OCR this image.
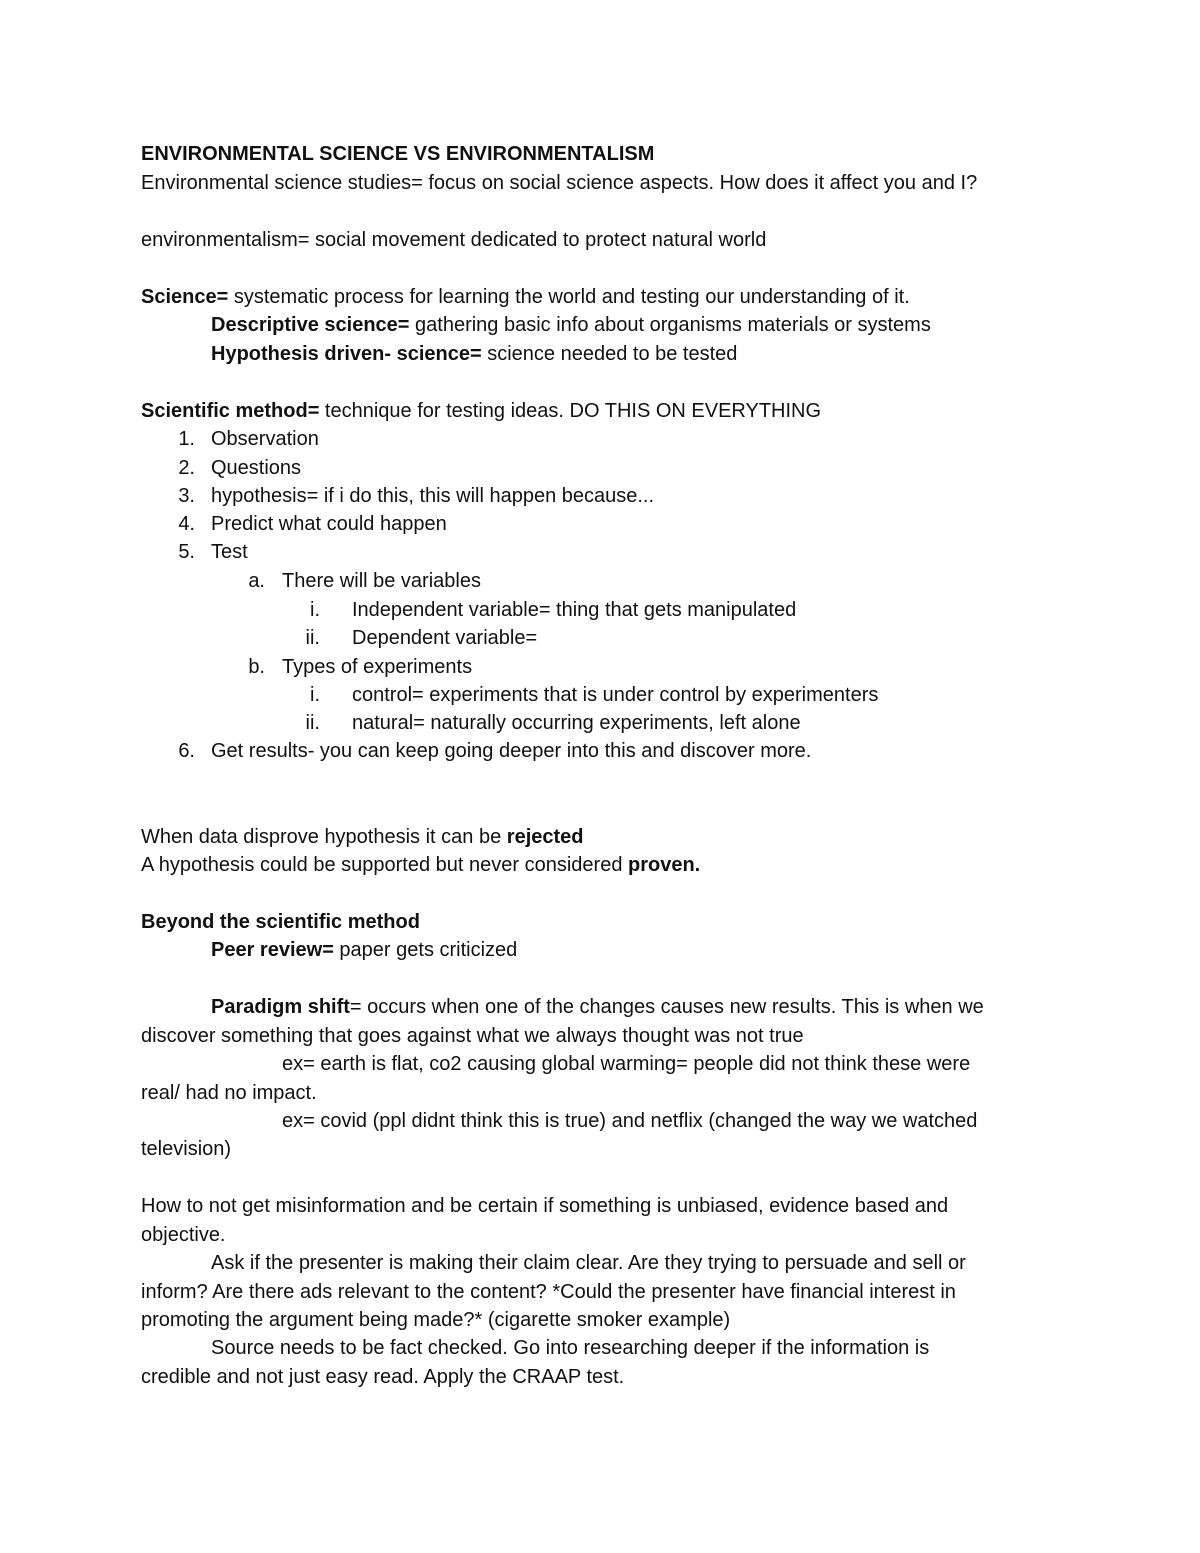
ENVIRONMENTAL SCIENCE VS ENVIRONMENTALISM
Environmental science studies= focus on social science aspects. How does it affect you and I?
environmentalism= social movement dedicated to protect natural world
Science= systematic process for learning the world and testing our understanding of it.
Descriptive science= gathering basic info about organisms materials or systems
Hypothesis driven- science= science needed to be tested
Scientific method= technique for testing ideas. DO THIS ON EVERYTHING
1. Observation
2. Questions
3. hypothesis= if i do this, this will happen because...
4. Predict what could happen
5. Test
a. There will be variables
i. Independent variable= thing that gets manipulated
ii. Dependent variable=
b. Types of experiments
i. control= experiments that is under control by experimenters
ii. natural= naturally occurring experiments, left alone
6. Get results- you can keep going deeper into this and discover more.
When data disprove hypothesis it can be rejected
A hypothesis could be supported but never considered proven.
Beyond the scientific method
Peer review= paper gets criticized
Paradigm shift= occurs when one of the changes causes new results. This is when we
discover something that goes against what we always thought was not true
ex= earth is flat, co2 causing global warming= people did not think these were
real/ had no impact.
ex= covid (ppl didnt think this is true) and netflix (changed the way we watched
television)
How to not get misinformation and be certain if something is unbiased, evidence based and
objective.
Ask if the presenter is making their claim clear. Are they trying to persuade and sell or
inform? Are there ads relevant to the content? *Could the presenter have financial interest in
promoting the argument being made?* (cigarette smoker example)
Source needs to be fact checked. Go into researching deeper if the information is
credible and not just easy read. Apply the CRAAP test.
